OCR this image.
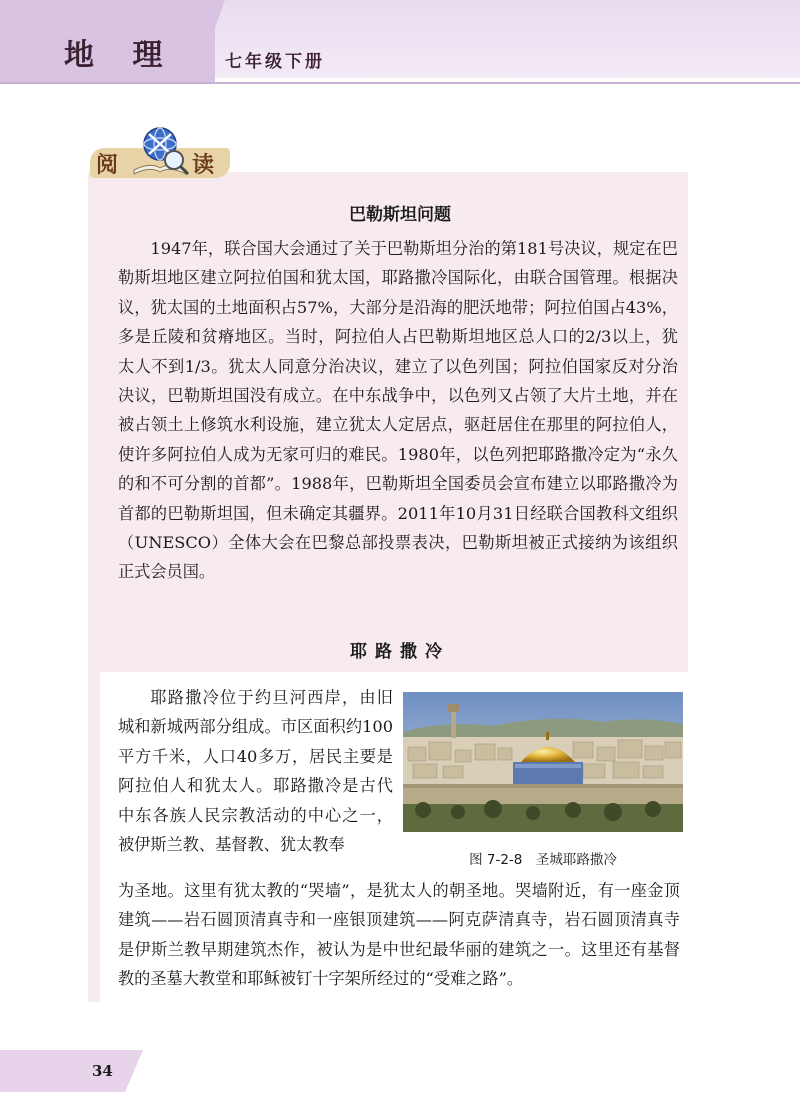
地 理	七年级下册
阅	读
巴勒斯坦问题

1947年，联合国大会通过了关于巴勒斯坦分治的第181号决议，规定在巴勒斯坦地区建立阿拉伯国和犹太国，耶路撒冷国际化，由联合国管理。根据决议，犹太国的土地面积占57%，大部分是沿海的肥沃地带；阿拉伯国占43%，多是丘陵和贫瘠地区。当时，阿拉伯人占巴勒斯坦地区总人口的2/3以上，犹太人不到1/3。犹太人同意分治决议，建立了以色列国；阿拉伯国家反对分治决议，巴勒斯坦国没有成立。在中东战争中，以色列又占领了大片土地，并在被占领土上修筑水利设施，建立犹太人定居点，驱赶居住在那里的阿拉伯人，使许多阿拉伯人成为无家可归的难民。1980年，以色列把耶路撒冷定为“永久的和不可分割的首都”。1988年，巴勒斯坦全国委员会宣布建立以耶路撒冷为首都的巴勒斯坦国，但未确定其疆界。2011年10月31日经联合国教科文组织（UNESCO）全体大会在巴黎总部投票表决，巴勒斯坦被正式接纳为该组织正式会员国。

耶路撒冷

耶路撒冷位于约旦河西岸，由旧城和新城两部分组成。市区面积约100平方千米，人口40多万，居民主要是阿拉伯人和犹太人。耶路撒冷是古代中东各族人民宗教活动的中心之一，被伊斯兰教、基督教、犹太教奉

图 7-2-8　圣城耶路撒冷

为圣地。这里有犹太教的“哭墙”，是犹太人的朝圣地。哭墙附近，有一座金顶建筑——岩石圆顶清真寺和一座银顶建筑——阿克萨清真寺，岩石圆顶清真寺是伊斯兰教早期建筑杰作，被认为是中世纪最华丽的建筑之一。这里还有基督教的圣墓大教堂和耶稣被钉十字架所经过的“受难之路”。

34
